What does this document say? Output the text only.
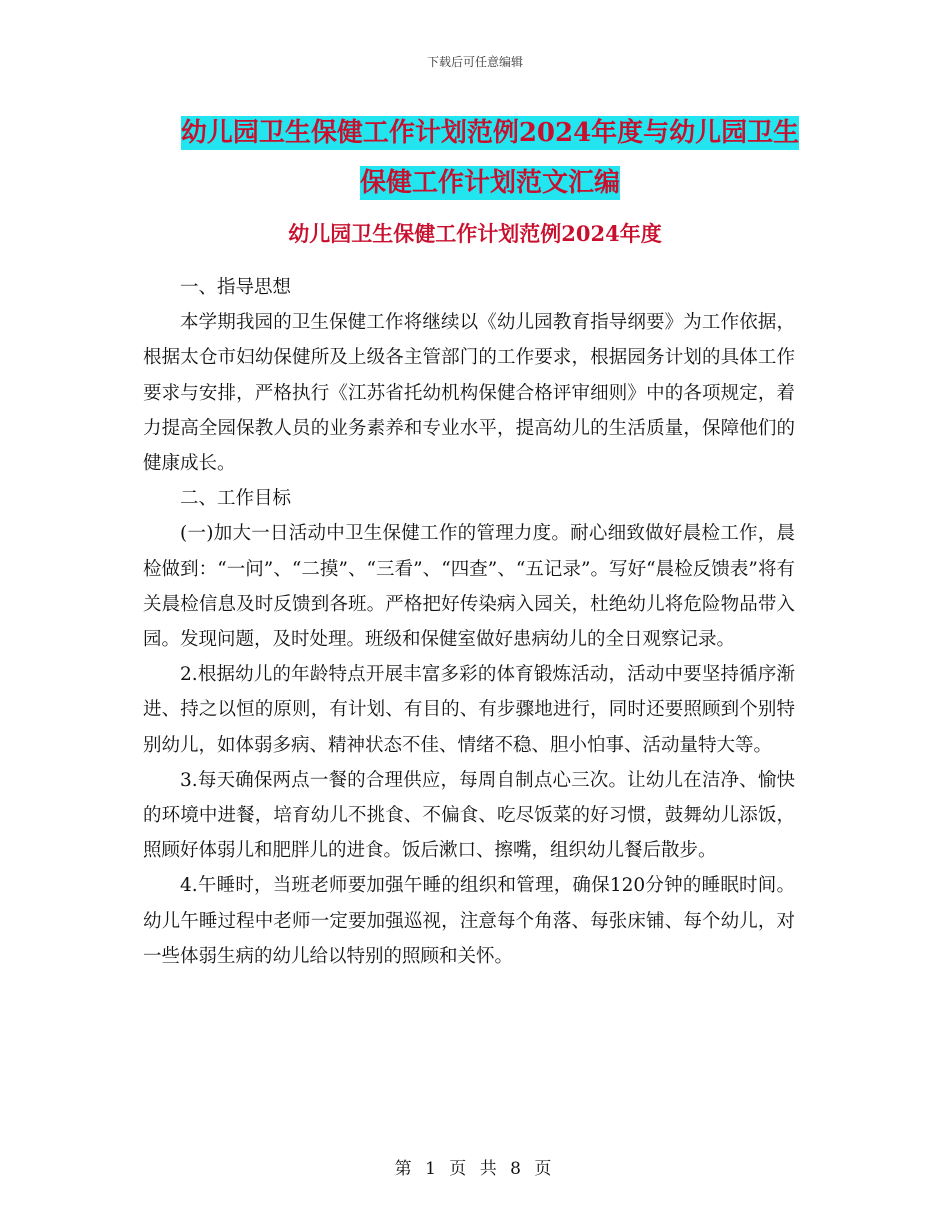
下载后可任意编辑
幼儿园卫生保健工作计划范例2024年度与幼儿园卫生
保健工作计划范文汇编
幼儿园卫生保健工作计划范例2024年度

一、指导思想

本学期我园的卫生保健工作将继续以《幼儿园教育指导纲要》为工作依据，根据太仓市妇幼保健所及上级各主管部门的工作要求，根据园务计划的具体工作要求与安排，严格执行《江苏省托幼机构保健合格评审细则》中的各项规定，着力提高全园保教人员的业务素养和专业水平，提高幼儿的生活质量，保障他们的健康成长。

二、工作目标

(一)加大一日活动中卫生保健工作的管理力度。耐心细致做好晨检工作，晨检做到：“一问”、“二摸”、“三看”、“四查”、“五记录”。写好“晨检反馈表”将有关晨检信息及时反馈到各班。严格把好传染病入园关，杜绝幼儿将危险物品带入园。发现问题，及时处理。班级和保健室做好患病幼儿的全日观察记录。

2.根据幼儿的年龄特点开展丰富多彩的体育锻炼活动，活动中要坚持循序渐进、持之以恒的原则，有计划、有目的、有步骤地进行，同时还要照顾到个别特别幼儿，如体弱多病、精神状态不佳、情绪不稳、胆小怕事、活动量特大等。

3.每天确保两点一餐的合理供应，每周自制点心三次。让幼儿在洁净、愉快的环境中进餐，培育幼儿不挑食、不偏食、吃尽饭菜的好习惯，鼓舞幼儿添饭，照顾好体弱儿和肥胖儿的进食。饭后漱口、擦嘴，组织幼儿餐后散步。

4.午睡时，当班老师要加强午睡的组织和管理，确保120分钟的睡眠时间。幼儿午睡过程中老师一定要加强巡视，注意每个角落、每张床铺、每个幼儿，对一些体弱生病的幼儿给以特别的照顾和关怀。

第 1 页 共 8 页
